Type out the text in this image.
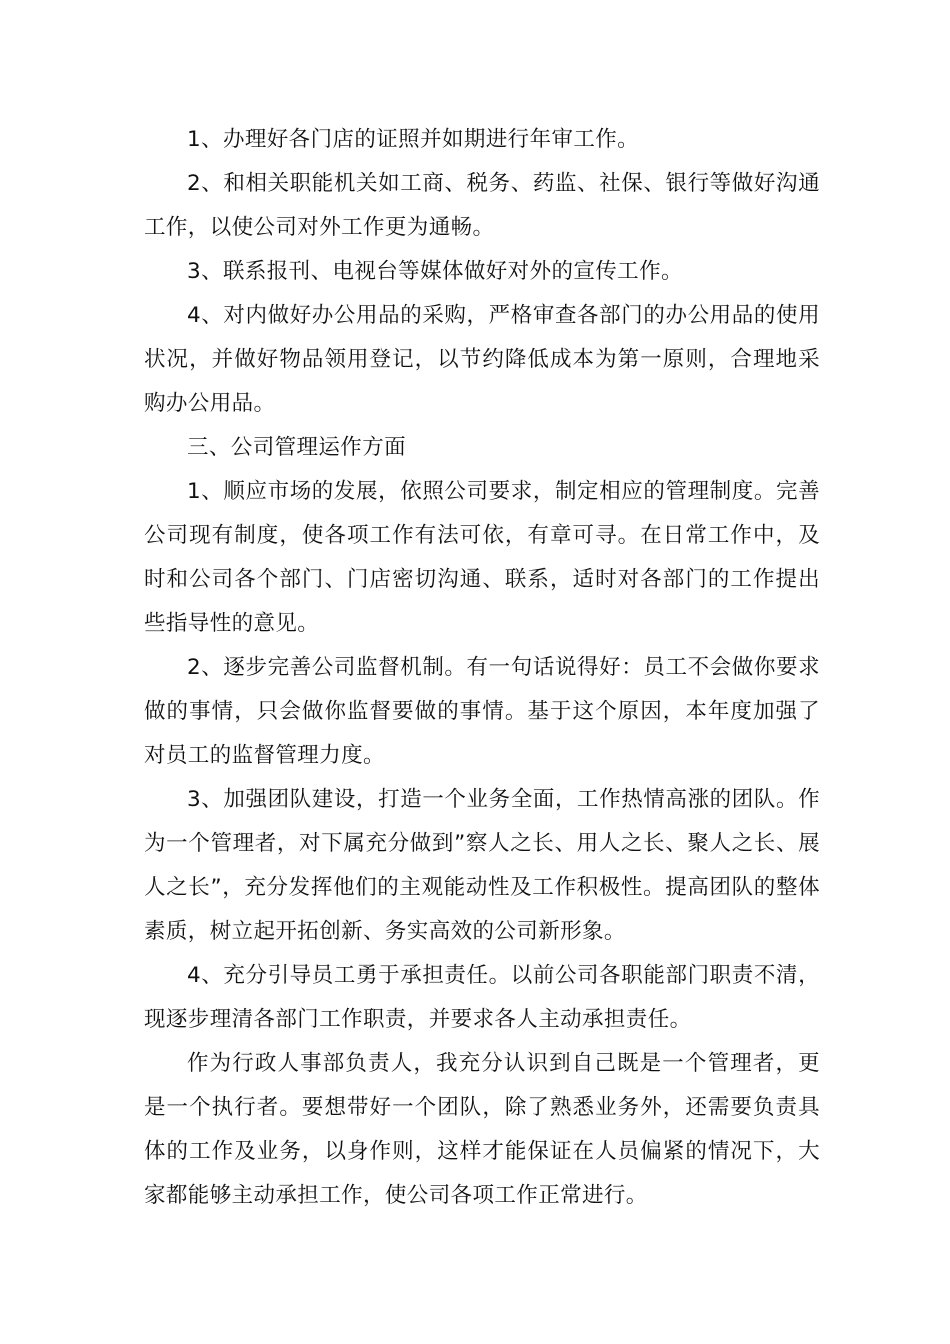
1、办理好各门店的证照并如期进行年审工作。

2、和相关职能机关如工商、税务、药监、社保、银行等做好沟通工作，以使公司对外工作更为通畅。

3、联系报刊、电视台等媒体做好对外的宣传工作。

4、对内做好办公用品的采购，严格审查各部门的办公用品的使用状况，并做好物品领用登记，以节约降低成本为第一原则，合理地采购办公用品。

三、公司管理运作方面

1、顺应市场的发展，依照公司要求，制定相应的管理制度。完善公司现有制度，使各项工作有法可依，有章可寻。在日常工作中，及时和公司各个部门、门店密切沟通、联系，适时对各部门的工作提出些指导性的意见。

2、逐步完善公司监督机制。有一句话说得好：员工不会做你要求做的事情，只会做你监督要做的事情。基于这个原因，本年度加强了对员工的监督管理力度。

3、加强团队建设，打造一个业务全面，工作热情高涨的团队。作为一个管理者，对下属充分做到”察人之长、用人之长、聚人之长、展人之长”，充分发挥他们的主观能动性及工作积极性。提高团队的整体素质，树立起开拓创新、务实高效的公司新形象。

4、充分引导员工勇于承担责任。以前公司各职能部门职责不清，现逐步理清各部门工作职责，并要求各人主动承担责任。

作为行政人事部负责人，我充分认识到自己既是一个管理者，更是一个执行者。要想带好一个团队，除了熟悉业务外，还需要负责具体的工作及业务，以身作则，这样才能保证在人员偏紧的情况下，大家都能够主动承担工作，使公司各项工作正常进行。
